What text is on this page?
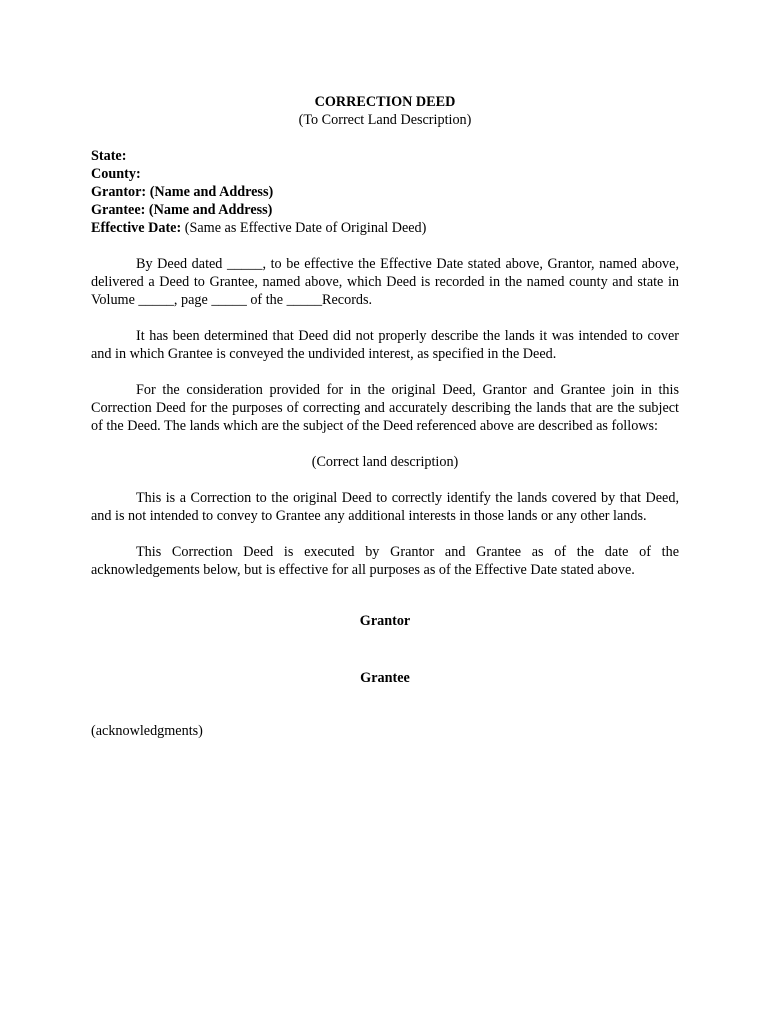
CORRECTION DEED
(To Correct Land Description)
State:
County:
Grantor: (Name and Address)
Grantee: (Name and Address)
Effective Date: (Same as Effective Date of Original Deed)

By Deed dated _____, to be effective the Effective Date stated above, Grantor, named above, delivered a Deed to Grantee, named above, which Deed is recorded in the named county and state in Volume _____, page _____ of the _____Records.

It has been determined that Deed did not properly describe the lands it was intended to cover and in which Grantee is conveyed the undivided interest, as specified in the Deed.

For the consideration provided for in the original Deed, Grantor and Grantee join in this Correction Deed for the purposes of correcting and accurately describing the lands that are the subject of the Deed. The lands which are the subject of the Deed referenced above are described as follows:

(Correct land description)

This is a Correction to the original Deed to correctly identify the lands covered by that Deed, and is not intended to convey to Grantee any additional interests in those lands or any other lands.

This Correction Deed is executed by Grantor and Grantee as of the date of the acknowledgements below, but is effective for all purposes as of the Effective Date stated above.

Grantor
Grantee
(acknowledgments)
